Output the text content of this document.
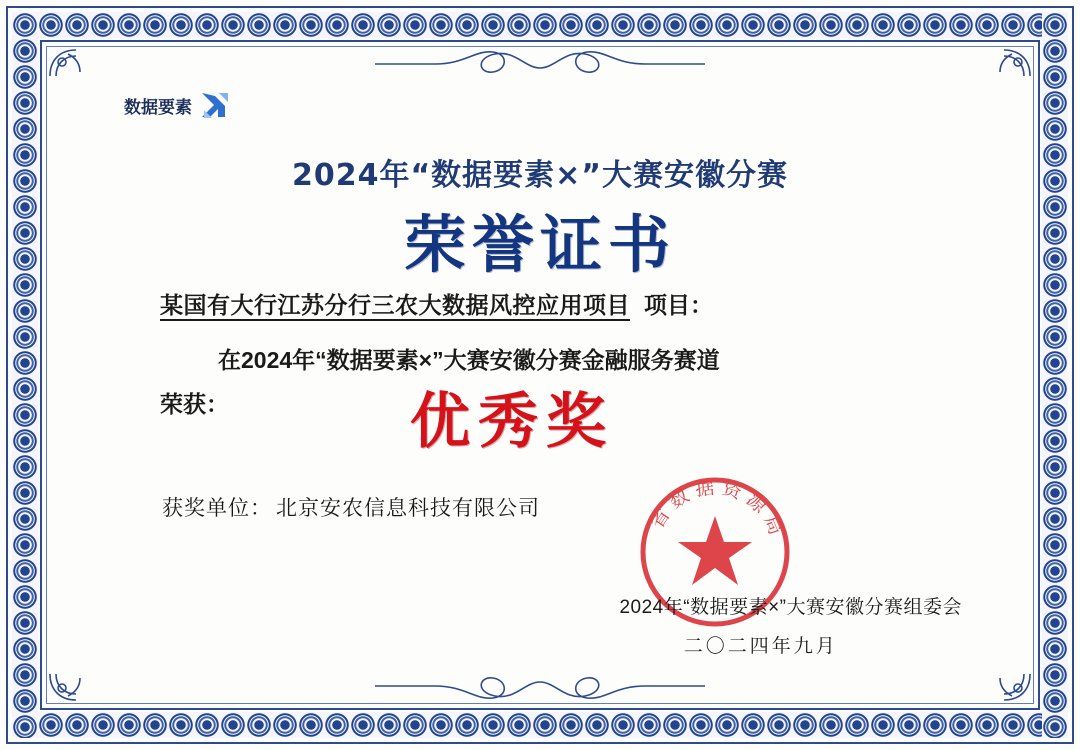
数据要素
2024年“数据要素×”大赛安徽分赛
荣誉证书
某国有大行江苏分行三农大数据风控应用项目 项目：
在2024年“数据要素×”大赛安徽分赛金融服务赛道
荣获：	优秀奖
获奖单位： 北京安农信息科技有限公司	省数据资源局
2024年“数据要素×”大赛安徽分赛组委会
二〇二四年九月
